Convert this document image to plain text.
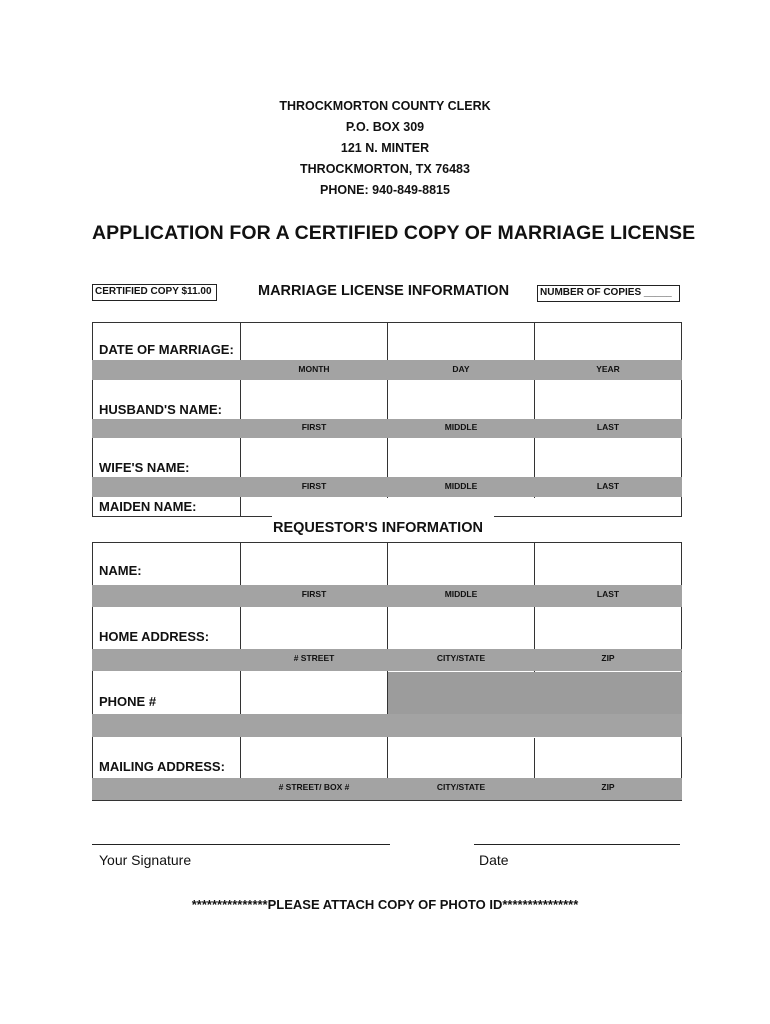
THROCKMORTON COUNTY CLERK
P.O. BOX 309
121 N. MINTER
THROCKMORTON, TX 76483
PHONE: 940-849-8815
APPLICATION FOR A CERTIFIED COPY OF MARRIAGE LICENSE
CERTIFIED COPY $11.00	MARRIAGE LICENSE INFORMATION	NUMBER OF COPIES _____
DATE OF MARRIAGE:
MONTH	DAY	YEAR
HUSBAND'S NAME:
FIRST	MIDDLE	LAST
WIFE'S NAME:
FIRST	MIDDLE	LAST
MAIDEN NAME:
REQUESTOR'S INFORMATION
NAME:
FIRST	MIDDLE	LAST
HOME ADDRESS:
# STREET	CITY/STATE	ZIP
PHONE #
MAILING ADDRESS:
# STREET/ BOX #	CITY/STATE	ZIP
Your Signature	Date
***************PLEASE ATTACH COPY OF PHOTO ID***************
